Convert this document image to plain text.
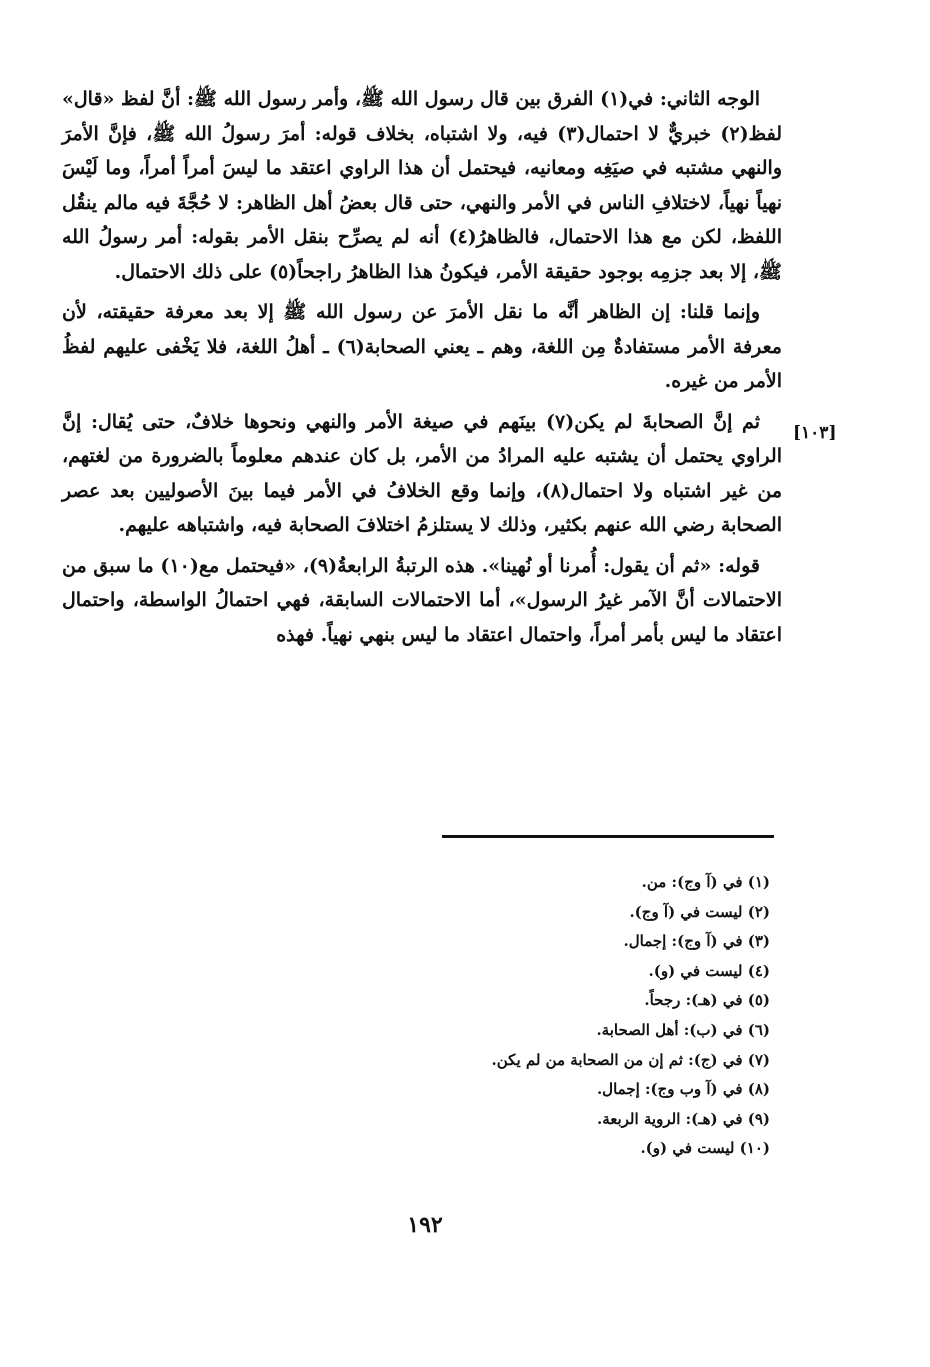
الوجه الثاني: في(١) الفرق بين قال رسول الله ﷺ، وأمر رسول الله ﷺ: أنَّ لفظ «قال» لفظ(٢) خبريٌّ لا احتمال(٣) فيه، ولا اشتباه، بخلاف قوله: أمرَ رسولُ الله ﷺ، فإنَّ الأمرَ والنهي مشتبه في صيَغِه ومعانيه، فيحتمل أن هذا الراوي اعتقد ما ليسَ أمراً أمراً، وما لَيْسَ نهياً نهياً، لاختلافِ الناس في الأمر والنهي، حتى قال بعضُ أهل الظاهر: لا حُجَّةَ فيه مالم ينقُل اللفظ، لكن مع هذا الاحتمال، فالظاهرُ(٤) أنه لم يصرِّح بنقل الأمر بقوله: أمر رسولُ الله ﷺ، إلا بعد جزمِه بوجود حقيقة الأمر، فيكونُ هذا الظاهرُ راجحاً(٥) على ذلك الاحتمال.

وإنما قلنا: إن الظاهر أنَّه ما نقل الأمرَ عن رسول الله ﷺ إلا بعد معرفة حقيقته، لأن معرفة الأمر مستفادةٌ مِن اللغة، وهم ـ يعني الصحابة(٦) ـ أهلُ اللغة، فلا يَخْفى عليهم لفظُ الأمر من غيره.

ثم إنَّ الصحابةَ لم يكن(٧) بينَهم في صيغة الأمر والنهي ونحوها خلافٌ، حتى يُقال: إنَّ الراوي يحتمل أن يشتبه عليه المرادُ من الأمر، بل كان عندهم معلوماً بالضرورة من لغتهم، من غير اشتباه ولا احتمال(٨)، وإنما وقع الخلافُ في الأمر فيما بينَ الأصوليين بعد عصر الصحابة رضي الله عنهم بكثير، وذلك لا يستلزمُ اختلافَ الصحابة فيه، واشتباهه عليهم.

قوله: «ثم أن يقول: أُمرنا أو نُهينا». هذه الرتبةُ الرابعةُ(٩)، «فيحتمل مع(١٠) ما سبق من الاحتمالات أنَّ الآمر غيرُ الرسول»، أما الاحتمالات السابقة، فهي احتمالُ الواسطة، واحتمال اعتقاد ما ليس بأمر أمراً، واحتمال اعتقاد ما ليس بنهي نهياً. فهذه

[١٠٣]
(١) في (آ وج): من.
(٢) ليست في (آ وج).
(٣) في (آ وج): إجمال.
(٤) ليست في (و).
(٥) في (هـ): رجحاً.
(٦) في (ب): أهل الصحابة.
(٧) في (ج): ثم إن من الصحابة من لم يكن.
(٨) في (آ وب وج): إجمال.
(٩) في (هـ): الروية الربعة.
(١٠) ليست في (و).
١٩٢
